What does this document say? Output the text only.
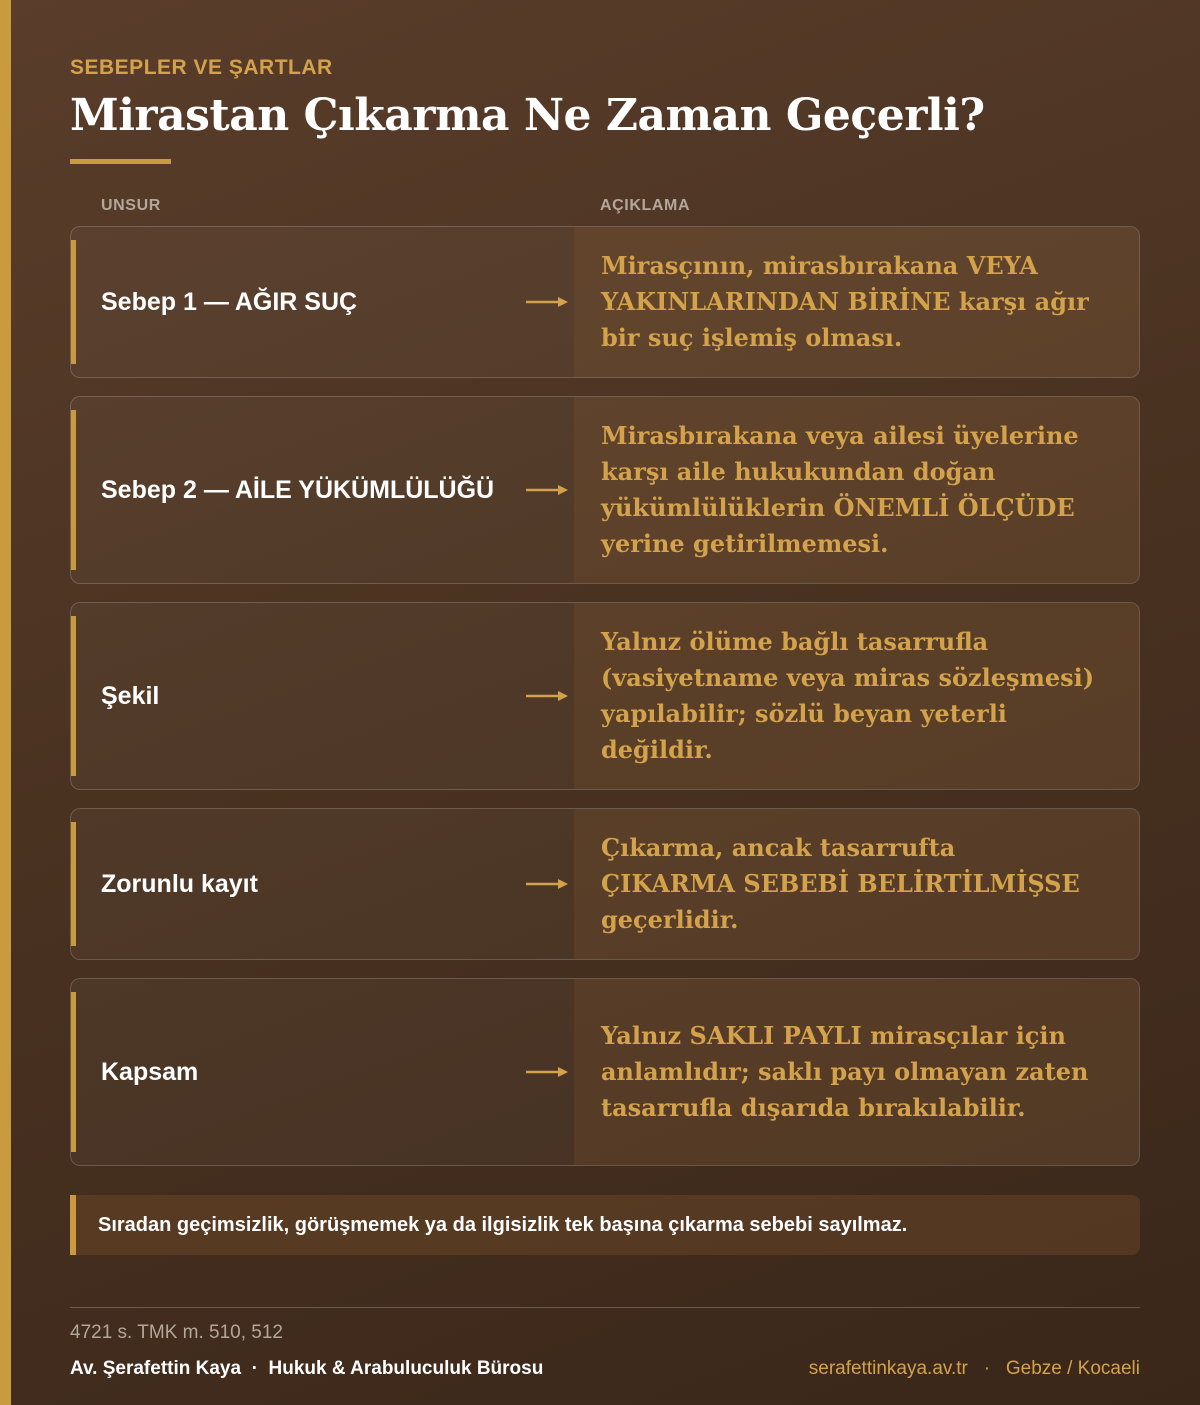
SEBEPLER VE ŞARTLAR
Mirastan Çıkarma Ne Zaman Geçerli?
UNSUR	AÇIKLAMA
Sebep 1 — AĞIR SUÇ
Mirasçının, mirasbırakana VEYA YAKINLARINDAN BİRİNE karşı ağır bir suç işlemiş olması.
Sebep 2 — AİLE YÜKÜMLÜLÜĞÜ
Mirasbırakana veya ailesi üyelerine karşı aile hukukundan doğan yükümlülüklerin ÖNEMLİ ÖLÇÜDE yerine getirilmemesi.
Şekil
Yalnız ölüme bağlı tasarrufla (vasiyetname veya miras sözleşmesi) yapılabilir; sözlü beyan yeterli değildir.
Zorunlu kayıt
Çıkarma, ancak tasarrufta ÇIKARMA SEBEBİ BELİRTİLMİŞSE geçerlidir.
Kapsam
Yalnız SAKLI PAYLI mirasçılar için anlamlıdır; saklı payı olmayan zaten tasarrufla dışarıda bırakılabilir.
Sıradan geçimsizlik, görüşmemek ya da ilgisizlik tek başına çıkarma sebebi sayılmaz.
4721 s. TMK m. 510, 512
Av. Şerafettin Kaya  ·  Hukuk & Arabuluculuk Bürosu	serafettinkaya.av.tr   ·   Gebze / Kocaeli
